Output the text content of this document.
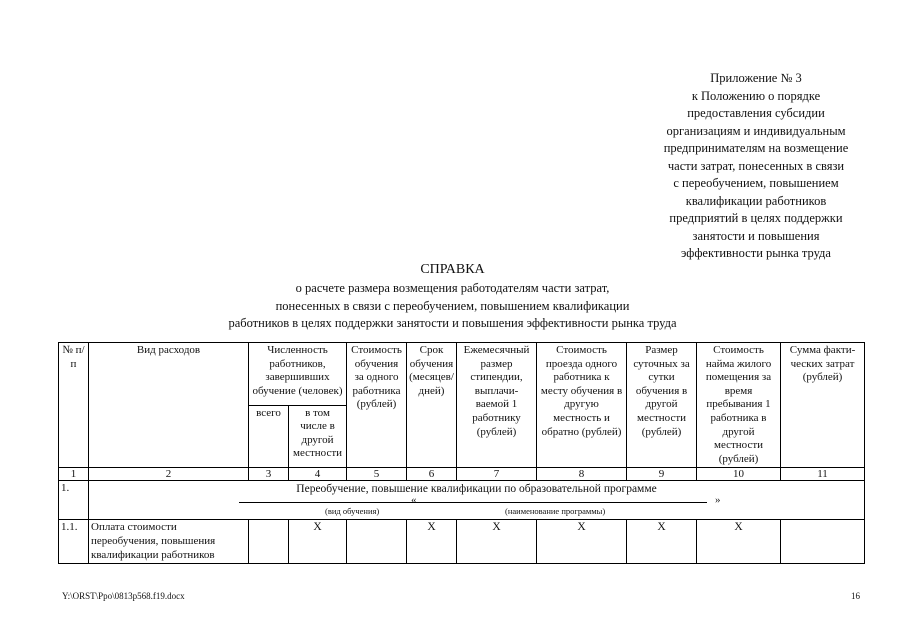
Приложение № 3
к Положению о порядке
предоставления субсидии
организациям и индивидуальным
предпринимателям на возмещение
части затрат, понесенных в связи
с переобучением, повышением
квалификации работников
предприятий в целях поддержки
занятости и повышения
эффективности рынка труда
СПРАВКА
о расчете размера возмещения работодателям части затрат,
понесенных в связи с переобучением, повышением квалификации
работников в целях поддержки занятости и повышения эффективности рынка труда
№ п/п	Вид расходов	Численность работников, завершивших обучение (человек)		Стоимость обучения за одного работника (рублей)	Срок обучения (месяцев/ дней)	Ежемесячный размер стипендии, выплачи-ваемой 1 работнику (рублей)	Стоимость проезда одного работника к месту обучения в другую местность и обратно (рублей)	Размер суточных за сутки обучения в другой местности (рублей)	Стоимость найма жилого помещения за время пребывания 1 работника в другой местности (рублей)	Сумма факти-ческих затрат (рублей)
		всего	в том числе в другой местности							
1	2	3	4	5	6	7	8	9	10	11
1.	Переобучение, повышение квалификации по образовательной программе
« »
(вид обучения) (наименование программы)									

1.1.	Оплата стоимости переобучения, повышения квалификации работников		Х		Х	Х	Х	Х	Х	
Y:\ORST\Ppo\0813p568.f19.docx	16
